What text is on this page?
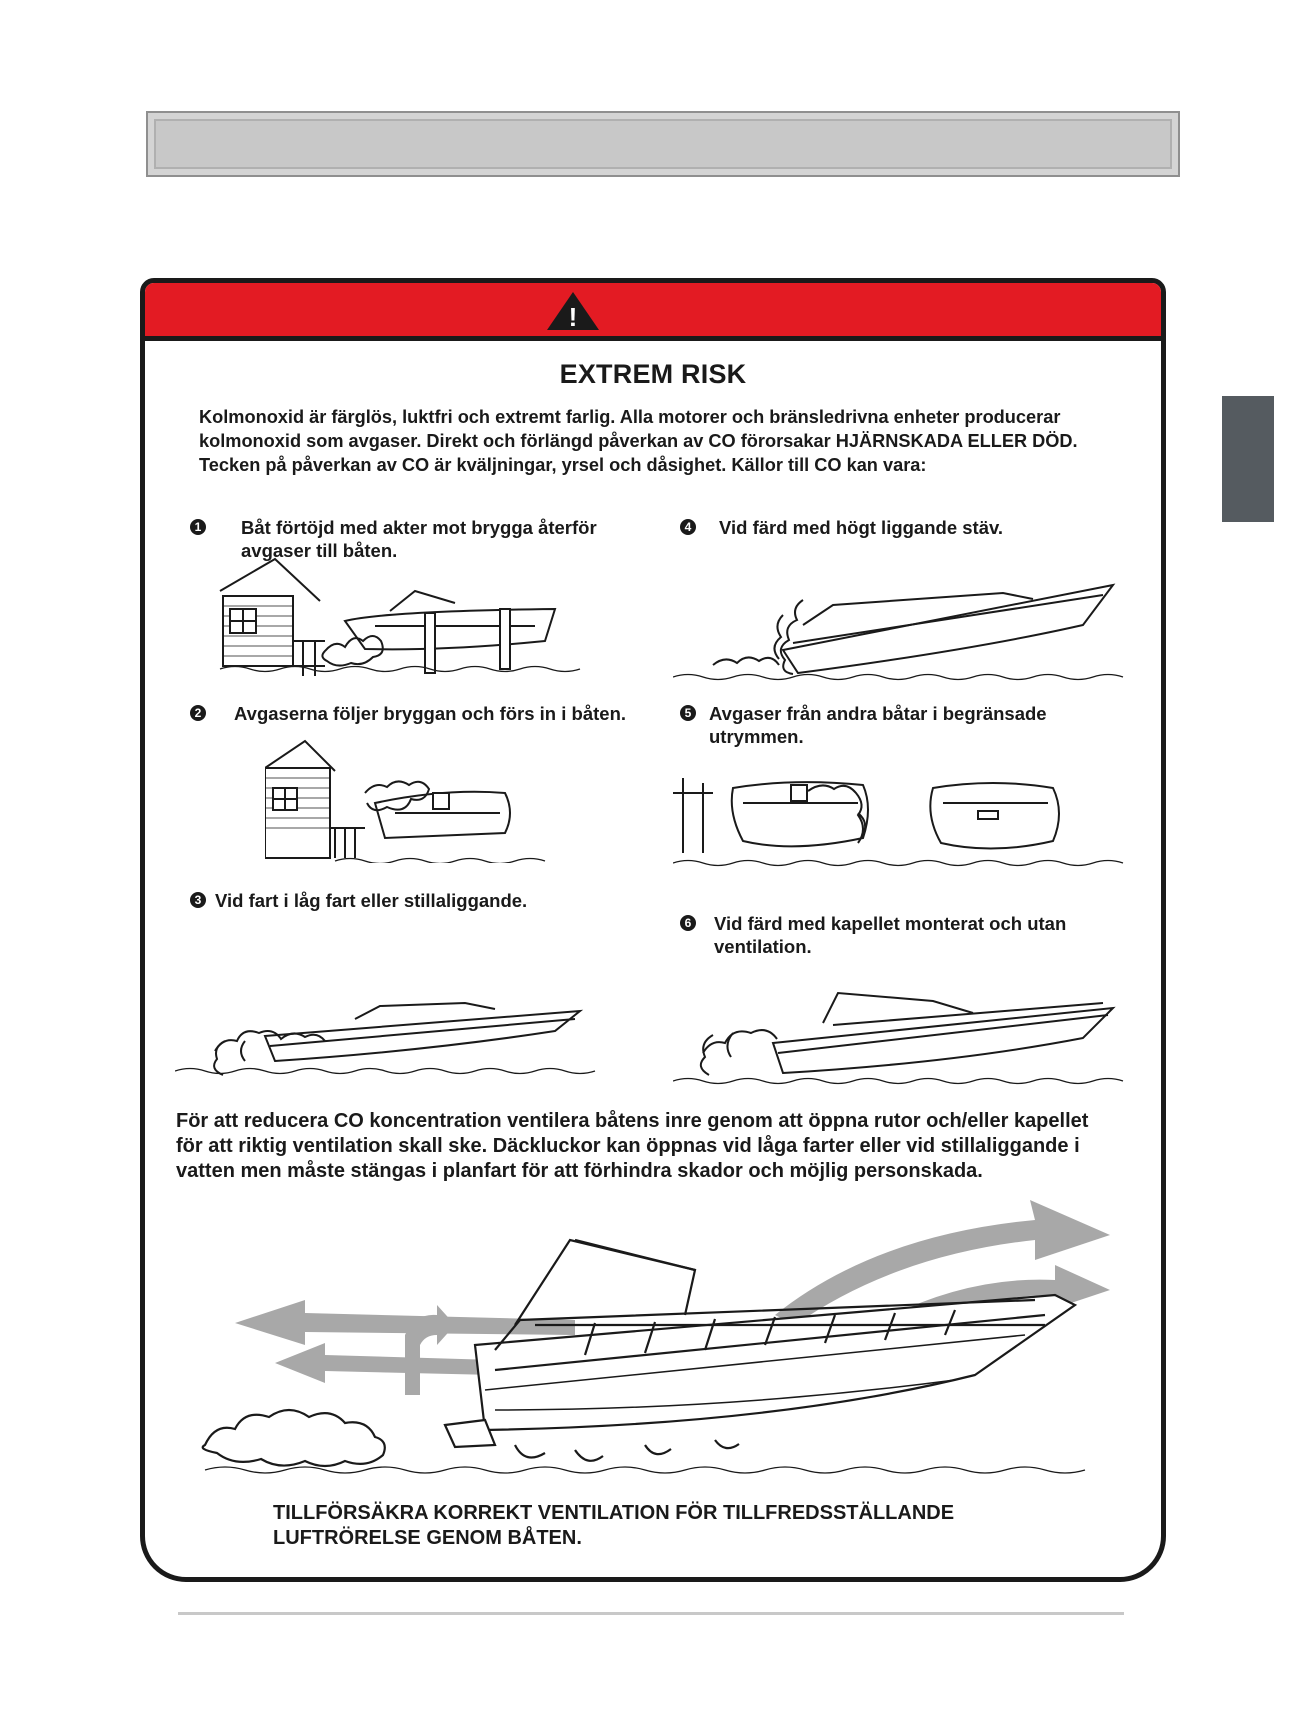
!
EXTREM RISK
Kolmonoxid är färglös, luktfri och extremt farlig. Alla motorer och bränsledrivna enheter producerar
kolmonoxid som avgaser. Direkt och förlängd påverkan av CO förorsakar HJÄRNSKADA ELLER DÖD.
Tecken på påverkan av CO är kväljningar, yrsel och dåsighet. Källor till CO kan vara:
1 Båt förtöjd med akter mot brygga återför
avgaser till båten.
4 Vid färd med högt liggande stäv.
2 Avgaserna följer bryggan och förs in i båten.	5 Avgaser från andra båtar i begränsade
utrymmen.
3 Vid fart i låg fart eller stillaliggande.
6 Vid färd med kapellet monterat och utan
ventilation.
För att reducera CO koncentration ventilera båtens inre genom att öppna rutor och/eller kapellet
för att riktig ventilation skall ske. Däckluckor kan öppnas vid låga farter eller vid stillaliggande i
vatten men måste stängas i planfart för att förhindra skador och möjlig personskada.
TILLFÖRSÄKRA KORREKT VENTILATION FÖR TILLFREDSSTÄLLANDE
LUFTRÖRELSE GENOM BÅTEN.
